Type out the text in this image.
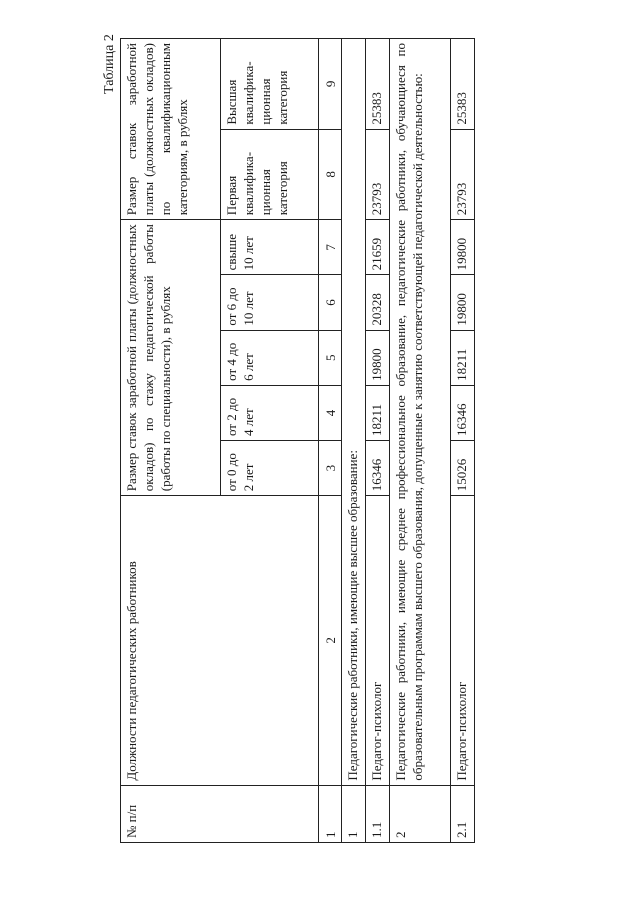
Таблица 2
№ п/п	Должности педагогических работников	Размер ставок заработной платы (должностных окладов) по стажу педагогической работы (работы по специальности), в рублях					Размер ставок заработной платы (должностных окладов) по квалификационным категориям, в рублях	
		от 0 до 2 лет	от 2 до 4 лет	от 4 до 6 лет	от 6 до 10 лет	свыше 10 лет	Первая квалифика-ционная категория	Высшая квалифика-ционная категория
1	2	3	4	5	6	7	8	9
1	Педагогические работники, имеющие высшее образование:							
1.1	Педагог-психолог	16346	18211	19800	20328	21659	23793	25383
2	Педагогические работники, имеющие среднее профессиональное образование, педагогические работники, обучающиеся по образовательным программам высшего образования, допущенные к занятию соответствующей педагогической деятельностью:							
2.1	Педагог-психолог	15026	16346	18211	19800	19800	23793	25383
